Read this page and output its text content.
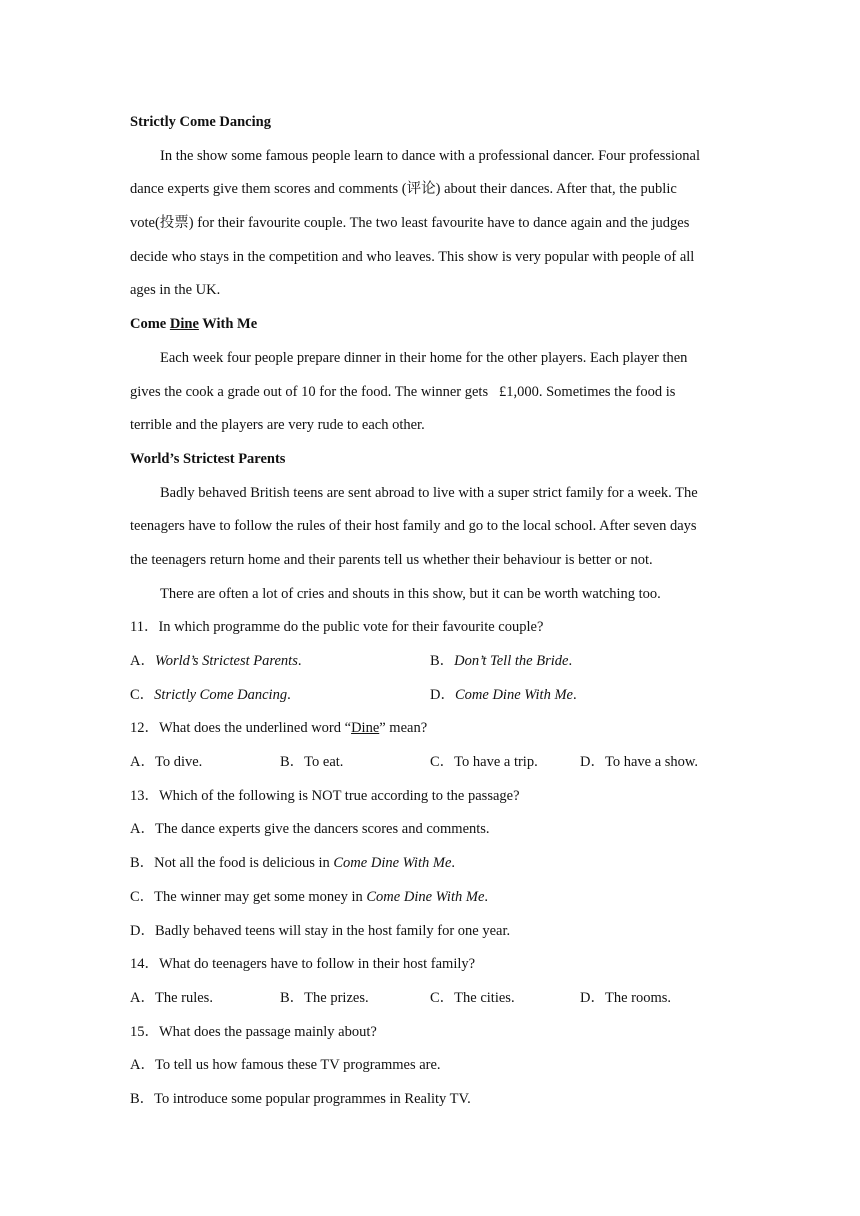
Strictly Come Dancing
In the show some famous people learn to dance with a professional dancer. Four professional
dance experts give them scores and comments (评论) about their dances. After that, the public
vote(投票) for their favourite couple. The two least favourite have to dance again and the judges
decide who stays in the competition and who leaves. This show is very popular with people of all
ages in the UK.
Come Dine With Me
Each week four people prepare dinner in their home for the other players. Each player then
gives the cook a grade out of 10 for the food. The winner gets   £1,000. Sometimes the food is
terrible and the players are very rude to each other.
World’s Strictest Parents
Badly behaved British teens are sent abroad to live with a super strict family for a week. The
teenagers have to follow the rules of their host family and go to the local school. After seven days
the teenagers return home and their parents tell us whether their behaviour is better or not.
There are often a lot of cries and shouts in this show, but it can be worth watching too.
11．In which programme do the public vote for their favourite couple?
A．World’s Strictest Parents.	B．Don’t Tell the Bride.
C．Strictly Come Dancing.	D．Come Dine With Me.
12．What does the underlined word “Dine” mean?
A．To dive.	B．To eat.	C．To have a trip.	D．To have a show.
13．Which of the following is NOT true according to the passage?
A．The dance experts give the dancers scores and comments.
B．Not all the food is delicious in Come Dine With Me.
C．The winner may get some money in Come Dine With Me.
D．Badly behaved teens will stay in the host family for one year.
14．What do teenagers have to follow in their host family?
A．The rules.	B．The prizes.	C．The cities.	D．The rooms.
15．What does the passage mainly about?
A．To tell us how famous these TV programmes are.
B．To introduce some popular programmes in Reality TV.
